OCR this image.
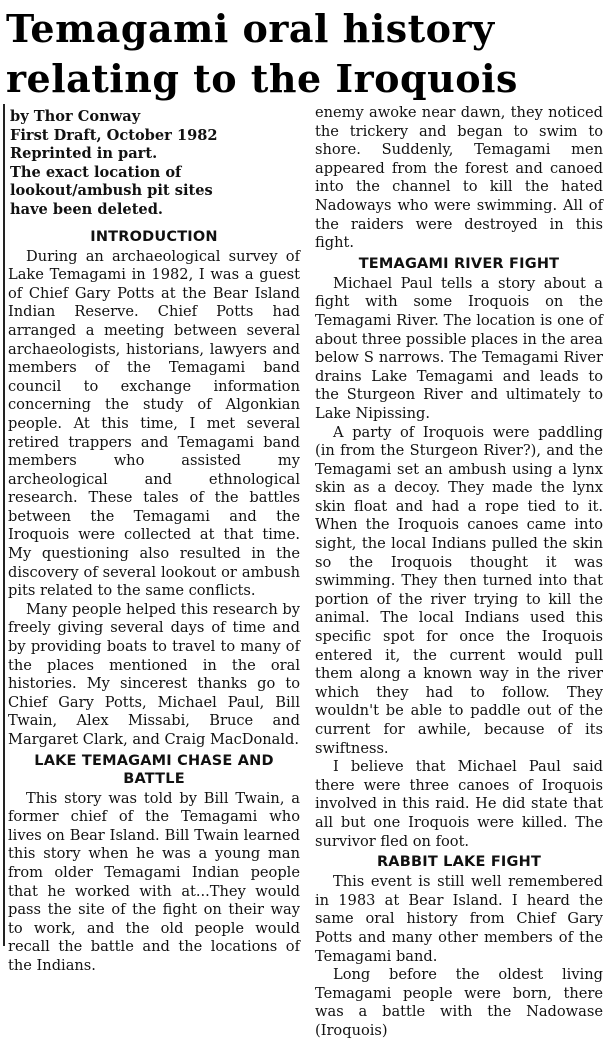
Temagami oral history
relating to the Iroquois
by Thor Conway
First Draft, October 1982
Reprinted in part.
The exact location of
lookout/ambush pit sites
have been deleted.
INTRODUCTION

During an archaeological survey of Lake Temagami in 1982, I was a guest of Chief Gary Potts at the Bear Island Indian Reserve. Chief Potts had arranged a meeting between several archaeologists, historians, lawyers and members of the Temagami band council to exchange information concerning the study of Algonkian people. At this time, I met several retired trappers and Temagami band members who assisted my archeological and ethnological research. These tales of the battles between the Temagami and the Iroquois were collected at that time. My questioning also resulted in the discovery of several lookout or ambush pits related to the same conflicts.

Many people helped this research by freely giving several days of time and by providing boats to travel to many of the places mentioned in the oral histories. My sincerest thanks go to Chief Gary Potts, Michael Paul, Bill Twain, Alex Missabi, Bruce and Margaret Clark, and Craig MacDonald.

LAKE TEMAGAMI CHASE AND BATTLE

This story was told by Bill Twain, a former chief of the Temagami who lives on Bear Island. Bill Twain learned this story when he was a young man from older Temagami Indian people that he worked with at...They would pass the site of the fight on their way to work, and the old people would recall the battle and the locations of the Indians.

enemy awoke near dawn, they noticed the trickery and began to swim to shore. Suddenly, Temagami men appeared from the forest and canoed into the channel to kill the hated Nadoways who were swimming. All of the raiders were destroyed in this fight.

TEMAGAMI RIVER FIGHT

Michael Paul tells a story about a fight with some Iroquois on the Temagami River. The location is one of about three possible places in the area below S narrows. The Temagami River drains Lake Temagami and leads to the Sturgeon River and ultimately to Lake Nipissing.

A party of Iroquois were paddling (in from the Sturgeon River?), and the Temagami set an ambush using a lynx skin as a decoy. They made the lynx skin float and had a rope tied to it. When the Iroquois canoes came into sight, the local Indians pulled the skin so the Iroquois thought it was swimming. They then turned into that portion of the river trying to kill the animal. The local Indians used this specific spot for once the Iroquois entered it, the current would pull them along a known way in the river which they had to follow. They wouldn't be able to paddle out of the current for awhile, because of its swiftness.

I believe that Michael Paul said there were three canoes of Iroquois involved in this raid. He did state that all but one Iroquois were killed. The survivor fled on foot.

RABBIT LAKE FIGHT

This event is still well remembered in 1983 at Bear Island. I heard the same oral history from Chief Gary Potts and many other members of the Temagami band.

Long before the oldest living Temagami people were born, there was a battle with the Nadowase (Iroquois)
